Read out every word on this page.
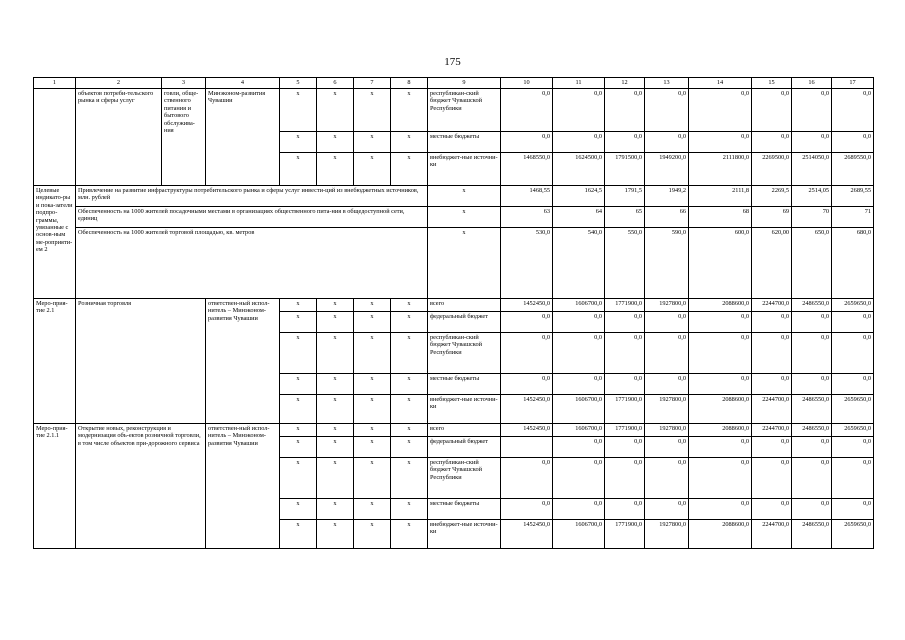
175
1	2	3	4	5	6	7	8	9	10	11	12	13	14	15	16	17
	объектов потреби-тельского рынка и сферы услуг	говли, обще-ственного питания и бытового обслужива-ния	Минэконом-развития Чувашии	х	х	х	х	республикан-ский бюджет Чувашской Республики	0,0	0,0	0,0	0,0	0,0	0,0	0,0	0,0
				х	х	х	х	местные бюджеты	0,0	0,0	0,0	0,0	0,0	0,0	0,0	0,0
				х	х	х	х	внебюджет-ные источни-ки	1468550,0	1624500,0	1791500,0	1949200,0	2111800,0	2269500,0	2514050,0	2689550,0
Целевые индикато-ры и пока-затели подпро-граммы, увязанные с основ-ным ме-роприяти-ем 2	Привлечение на развитие инфраструктуры потребительского рынка и сферы услуг инвести-ций из внебюджетных источников, млн. рублей							х	1468,55	1624,5	1791,5	1949,2	2111,8	2269,5	2514,05	2689,55
	Обеспеченность на 1000 жителей посадочными местами в организациях общественного пита-ния в общедоступной сети, единиц							х	63	64	65	66	68	69	70	71
	Обеспеченность на 1000 жителей торговой площадью, кв. метров							х	530,0	540,0	550,0	590,0	600,0	620,00	650,0	680,0
Меро-прия-тие 2.1	Розничная торговля		ответствен-ный испол-нитель – Минэконом-развития Чувашии	х	х	х	х	всего	1452450,0	1606700,0	1771900,0	1927800,0	2088600,0	2244700,0	2486550,0	2659650,0
				х	х	х	х	федеральный бюджет	0,0	0,0	0,0	0,0	0,0	0,0	0,0	0,0
				х	х	х	х	республикан-ский бюджет Чувашской Республики	0,0	0,0	0,0	0,0	0,0	0,0	0,0	0,0
				х	х	х	х	местные бюджеты	0,0	0,0	0,0	0,0	0,0	0,0	0,0	0,0
				х	х	х	х	внебюджет-ные источни-ки	1452450,0	1606700,0	1771900,0	1927800,0	2088600,0	2244700,0	2486550,0	2659650,0
Меро-прия-тие 2.1.1	Открытие новых, реконструкция и модернизация объ-ектов розничной торговли, в том числе объектов при-дорожного сервиса		ответствен-ный испол-нитель – Минэконом-развития Чувашии	х	х	х	х	всего	1452450,0	1606700,0	1771900,0	1927800,0	2088600,0	2244700,0	2486550,0	2659650,0
				х	х	х	х	федеральный бюджет		0,0	0,0	0,0	0,0	0,0	0,0	0,0
				х	х	х	х	республикан-ский бюджет Чувашской Республики	0,0	0,0	0,0	0,0	0,0	0,0	0,0	0,0
				х	х	х	х	местные бюджеты	0,0	0,0	0,0	0,0	0,0	0,0	0,0	0,0
				х	х	х	х	внебюджет-ные источни-ки	1452450,0	1606700,0	1771900,0	1927800,0	2088600,0	2244700,0	2486550,0	2659650,0
